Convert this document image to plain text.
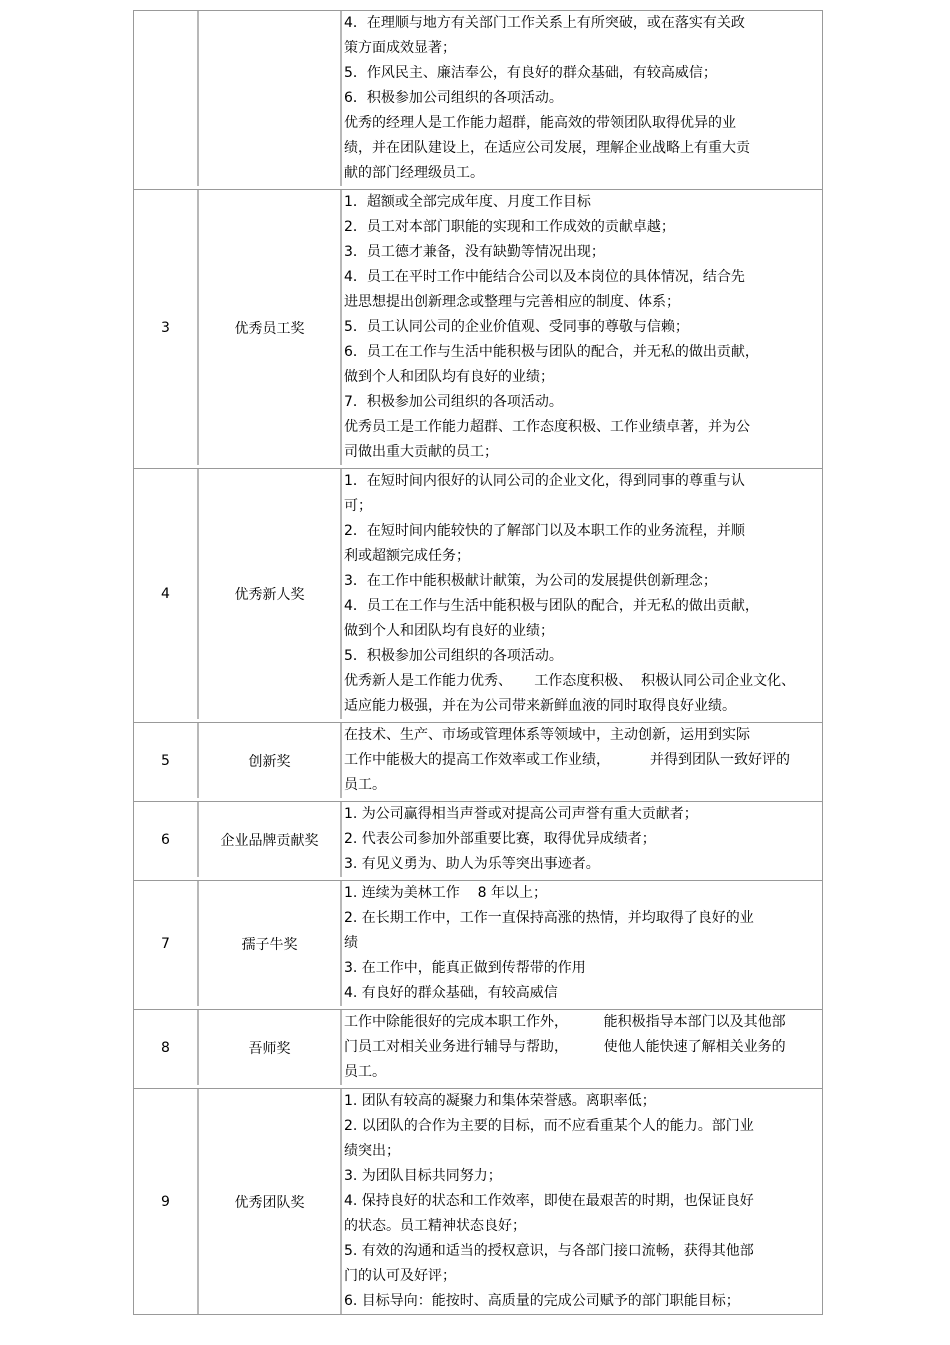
4．在理顺与地方有关部门工作关系上有所突破，或在落实有关政
策方面成效显著；
5．作风民主、廉洁奉公，有良好的群众基础，有较高威信；
6．积极参加公司组织的各项活动。
优秀的经理人是工作能力超群，能高效的带领团队取得优异的业
绩，并在团队建设上，在适应公司发展，理解企业战略上有重大贡
献的部门经理级员工。
3	优秀员工奖
1．超额或全部完成年度、月度工作目标
2．员工对本部门职能的实现和工作成效的贡献卓越；
3．员工德才兼备，没有缺勤等情况出现；
4．员工在平时工作中能结合公司以及本岗位的具体情况，结合先
进思想提出创新理念或整理与完善相应的制度、体系；
5．员工认同公司的企业价值观、受同事的尊敬与信赖；
6．员工在工作与生活中能积极与团队的配合，并无私的做出贡献，
做到个人和团队均有良好的业绩；
7．积极参加公司组织的各项活动。
优秀员工是工作能力超群、工作态度积极、工作业绩卓著，并为公
司做出重大贡献的员工；
4	优秀新人奖
1．在短时间内很好的认同公司的企业文化，得到同事的尊重与认
可；
2．在短时间内能较快的了解部门以及本职工作的业务流程，并顺
利或超额完成任务；
3．在工作中能积极献计献策，为公司的发展提供创新理念；
4．员工在工作与生活中能积极与团队的配合，并无私的做出贡献，
做到个人和团队均有良好的业绩；
5．积极参加公司组织的各项活动。
优秀新人是工作能力优秀、     工作态度积极、  积极认同公司企业文化、
适应能力极强，并在为公司带来新鲜血液的同时取得良好业绩。
5	创新奖
在技术、生产、市场或管理体系等领域中，主动创新，运用到实际
工作中能极大的提高工作效率或工作业绩，         并得到团队一致好评的
员工。
6	企业品牌贡献奖
1. 为公司赢得相当声誉或对提高公司声誉有重大贡献者；
2. 代表公司参加外部重要比赛，取得优异成绩者；
3. 有见义勇为、助人为乐等突出事迹者。
7	孺子牛奖
1. 连续为美林工作    8 年以上；
2. 在长期工作中，工作一直保持高涨的热情，并均取得了良好的业
绩
3. 在工作中，能真正做到传帮带的作用
4. 有良好的群众基础，有较高威信
8	吾师奖
工作中除能很好的完成本职工作外，        能积极指导本部门以及其他部
门员工对相关业务进行辅导与帮助，        使他人能快速了解相关业务的
员工。
9	优秀团队奖
1. 团队有较高的凝聚力和集体荣誉感。离职率低；
2. 以团队的合作为主要的目标，而不应看重某个人的能力。部门业
绩突出；
3. 为团队目标共同努力；
4. 保持良好的状态和工作效率，即使在最艰苦的时期，也保证良好
的状态。员工精神状态良好；
5. 有效的沟通和适当的授权意识，与各部门接口流畅，获得其他部
门的认可及好评；
6. 目标导向：能按时、高质量的完成公司赋予的部门职能目标；
